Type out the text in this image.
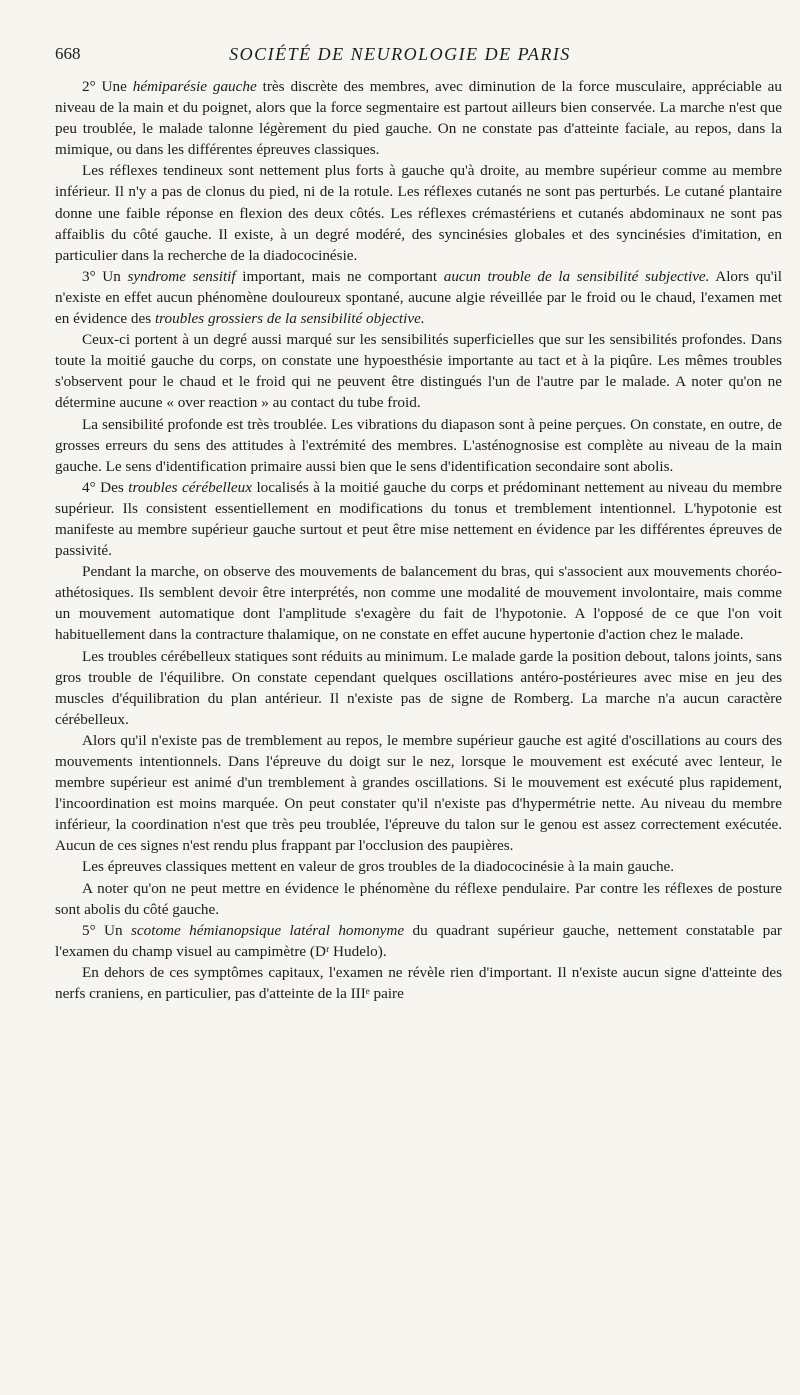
668	SOCIÉTÉ DE NEUROLOGIE DE PARIS

2° Une hémiparésie gauche très discrète des membres, avec diminution de la force musculaire, appréciable au niveau de la main et du poignet, alors que la force segmentaire est partout ailleurs bien conservée. La marche n'est que peu troublée, le malade talonne légèrement du pied gauche. On ne constate pas d'atteinte faciale, au repos, dans la mimique, ou dans les différentes épreuves classiques.

Les réflexes tendineux sont nettement plus forts à gauche qu'à droite, au membre supérieur comme au membre inférieur. Il n'y a pas de clonus du pied, ni de la rotule. Les réflexes cutanés ne sont pas perturbés. Le cutané plantaire donne une faible réponse en flexion des deux côtés. Les réflexes crémastériens et cutanés abdominaux ne sont pas affaiblis du côté gauche. Il existe, à un degré modéré, des syncinésies globales et des syncinésies d'imitation, en particulier dans la recherche de la diadococinésie.

3° Un syndrome sensitif important, mais ne comportant aucun trouble de la sensibilité subjective. Alors qu'il n'existe en effet aucun phénomène douloureux spontané, aucune algie réveillée par le froid ou le chaud, l'examen met en évidence des troubles grossiers de la sensibilité objective.

Ceux-ci portent à un degré aussi marqué sur les sensibilités superficielles que sur les sensibilités profondes. Dans toute la moitié gauche du corps, on constate une hypoesthésie importante au tact et à la piqûre. Les mêmes troubles s'observent pour le chaud et le froid qui ne peuvent être distingués l'un de l'autre par le malade. A noter qu'on ne détermine aucune « over reaction » au contact du tube froid.

La sensibilité profonde est très troublée. Les vibrations du diapason sont à peine perçues. On constate, en outre, de grosses erreurs du sens des attitudes à l'extrémité des membres. L'asténognosise est complète au niveau de la main gauche. Le sens d'identification primaire aussi bien que le sens d'identification secondaire sont abolis.

4° Des troubles cérébelleux localisés à la moitié gauche du corps et prédominant nettement au niveau du membre supérieur. Ils consistent essentiellement en modifications du tonus et tremblement intentionnel. L'hypotonie est manifeste au membre supérieur gauche surtout et peut être mise nettement en évidence par les différentes épreuves de passivité.

Pendant la marche, on observe des mouvements de balancement du bras, qui s'associent aux mouvements choréo-athétosiques. Ils semblent devoir être interprétés, non comme une modalité de mouvement involontaire, mais comme un mouvement automatique dont l'amplitude s'exagère du fait de l'hypotonie. A l'opposé de ce que l'on voit habituellement dans la contracture thalamique, on ne constate en effet aucune hypertonie d'action chez le malade.

Les troubles cérébelleux statiques sont réduits au minimum. Le malade garde la position debout, talons joints, sans gros trouble de l'équilibre. On constate cependant quelques oscillations antéro-postérieures avec mise en jeu des muscles d'équilibration du plan antérieur. Il n'existe pas de signe de Romberg. La marche n'a aucun caractère cérébelleux.

Alors qu'il n'existe pas de tremblement au repos, le membre supérieur gauche est agité d'oscillations au cours des mouvements intentionnels. Dans l'épreuve du doigt sur le nez, lorsque le mouvement est exécuté avec lenteur, le membre supérieur est animé d'un tremblement à grandes oscillations. Si le mouvement est exécuté plus rapidement, l'incoordination est moins marquée. On peut constater qu'il n'existe pas d'hypermétrie nette. Au niveau du membre inférieur, la coordination n'est que très peu troublée, l'épreuve du talon sur le genou est assez correctement exécutée. Aucun de ces signes n'est rendu plus frappant par l'occlusion des paupières.

Les épreuves classiques mettent en valeur de gros troubles de la diadococinésie à la main gauche.

A noter qu'on ne peut mettre en évidence le phénomène du réflexe pendulaire. Par contre les réflexes de posture sont abolis du côté gauche.

5° Un scotome hémianopsique latéral homonyme du quadrant supérieur gauche, nettement constatable par l'examen du champ visuel au campimètre (Dʳ Hudelo).

En dehors de ces symptômes capitaux, l'examen ne révèle rien d'important. Il n'existe aucun signe d'atteinte des nerfs craniens, en particulier, pas d'atteinte de la IIIᵉ paire
